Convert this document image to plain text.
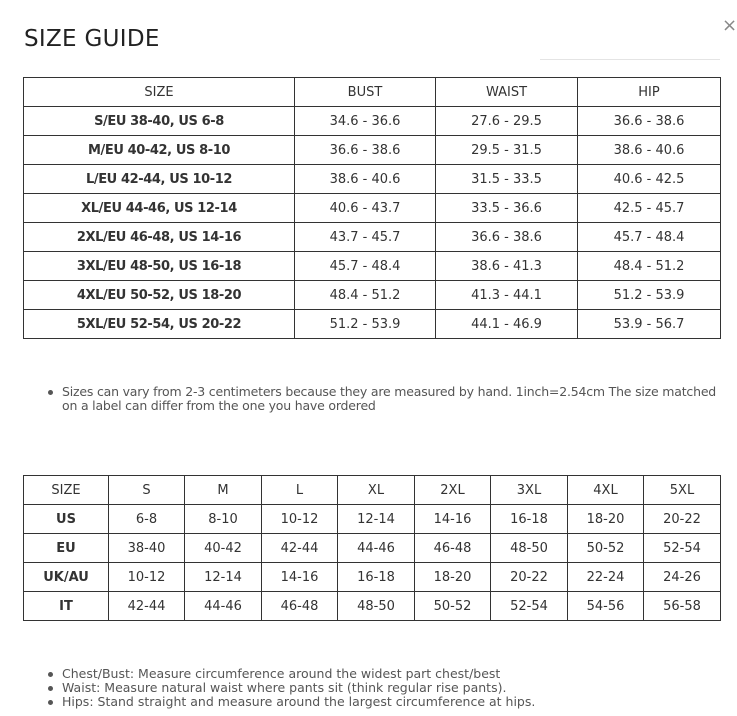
SIZE GUIDE
×
SIZE	BUST	WAIST	HIP
S/EU 38-40, US 6-8	34.6 - 36.6	27.6 - 29.5	36.6 - 38.6
M/EU 40-42, US 8-10	36.6 - 38.6	29.5 - 31.5	38.6 - 40.6
L/EU 42-44, US 10-12	38.6 - 40.6	31.5 - 33.5	40.6 - 42.5
XL/EU 44-46, US 12-14	40.6 - 43.7	33.5 - 36.6	42.5 - 45.7
2XL/EU 46-48, US 14-16	43.7 - 45.7	36.6 - 38.6	45.7 - 48.4
3XL/EU 48-50, US 16-18	45.7 - 48.4	38.6 - 41.3	48.4 - 51.2
4XL/EU 50-52, US 18-20	48.4 - 51.2	41.3 - 44.1	51.2 - 53.9
5XL/EU 52-54, US 20-22	51.2 - 53.9	44.1 - 46.9	53.9 - 56.7
Sizes can vary from 2-3 centimeters because they are measured by hand. 1inch=2.54cm The size matched on a label can differ from the one you have ordered
SIZE	S	M	L	XL	2XL	3XL	4XL	5XL
US	6-8	8-10	10-12	12-14	14-16	16-18	18-20	20-22
EU	38-40	40-42	42-44	44-46	46-48	48-50	50-52	52-54
UK/AU	10-12	12-14	14-16	16-18	18-20	20-22	22-24	24-26
IT	42-44	44-46	46-48	48-50	50-52	52-54	54-56	56-58
Chest/Bust: Measure circumference around the widest part chest/best
Waist: Measure natural waist where pants sit (think regular rise pants).
Hips: Stand straight and measure around the largest circumference at hips.
